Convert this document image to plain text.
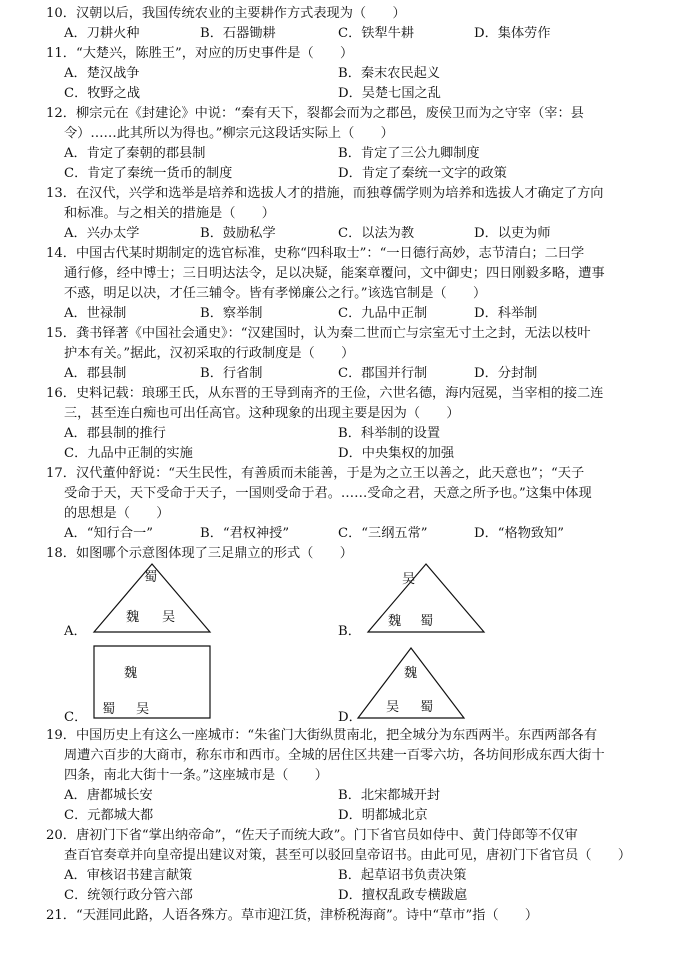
10．汉朝以后，我国传统农业的主要耕作方式表现为（　　）
A．刀耕火种	B．石器锄耕	C．铁犁牛耕	D．集体劳作
11．“大楚兴，陈胜王”，对应的历史事件是（　　）
A．楚汉战争	B．秦末农民起义
C．牧野之战	D．吴楚七国之乱
12．柳宗元在《封建论》中说：“秦有天下，裂都会而为之郡邑，废侯卫而为之守宰（宰：县
令）……此其所以为得也。”柳宗元这段话实际上（　　）
A．肯定了秦朝的郡县制	B．肯定了三公九卿制度
C．肯定了秦统一货币的制度	D．肯定了秦统一文字的政策
13．在汉代，兴学和选举是培养和选拔人才的措施，而独尊儒学则为培养和选拔人才确定了方向
和标准。与之相关的措施是（　　）
A．兴办太学	B．鼓励私学	C．以法为教	D．以吏为师
14．中国古代某时期制定的选官标准，史称“四科取士”：“一日德行高妙，志节清白；二曰学
通行修，经中博士；三日明达法令，足以决疑，能案章覆问，文中御史；四日刚毅多略，遭事
不惑，明足以决，才任三辅令。皆有孝悌廉公之行。”该选官制是（　　）
A．世禄制	B．察举制	C．九品中正制	D．科举制
15．龚书铎著《中国社会通史》：“汉建国时，认为秦二世而亡与宗室无寸土之封，无法以枝叶
护本有关。”据此，汉初采取的行政制度是（　　）
A．郡县制	B．行省制	C．郡国并行制	D．分封制
16．史料记载：琅琊王氏，从东晋的王导到南齐的王俭，六世名德，海内冠冕，当宰相的接二连
三，甚至连白痴也可出任高官。这种现象的出现主要是因为（　　）
A．郡县制的推行	B．科举制的设置
C．九品中正制的实施	D．中央集权的加强
17．汉代董仲舒说：“天生民性，有善质而未能善，于是为之立王以善之，此天意也”；“天子
受命于天，天下受命于天子，一国则受命于君。……受命之君，天意之所予也。”这集中体现
的思想是（　　）
A．“知行合一”	B．“君权神授”	C．“三纲五常”	D．“格物致知”
18．如图哪个示意图体现了三足鼎立的形式（　　）
A．
蜀
魏 吴
B．
吴
魏 蜀
C．
魏
蜀 吴
D．
魏
吴 蜀
19．中国历史上有这么一座城市：“朱雀门大街纵贯南北，把全城分为东西两半。东西两部各有
周遭六百步的大商市，称东市和西市。全城的居住区共建一百零六坊，各坊间形成东西大街十
四条，南北大街十一条。”这座城市是（　　）
A．唐都城长安	B．北宋都城开封
C．元都城大都	D．明都城北京
20．唐初门下省“掌出纳帝命”，“佐天子而统大政”。门下省官员如侍中、黄门侍郎等不仅审
查百官奏章并向皇帝提出建议对策，甚至可以驳回皇帝诏书。由此可见，唐初门下省官员（　　）
A．审核诏书建言献策	B．起草诏书负责决策
C．统领行政分管六部	D．擅权乱政专横跋扈
21．“天涯同此路，人语各殊方。草市迎江货，津桥税海商”。诗中“草市”指（　　）
